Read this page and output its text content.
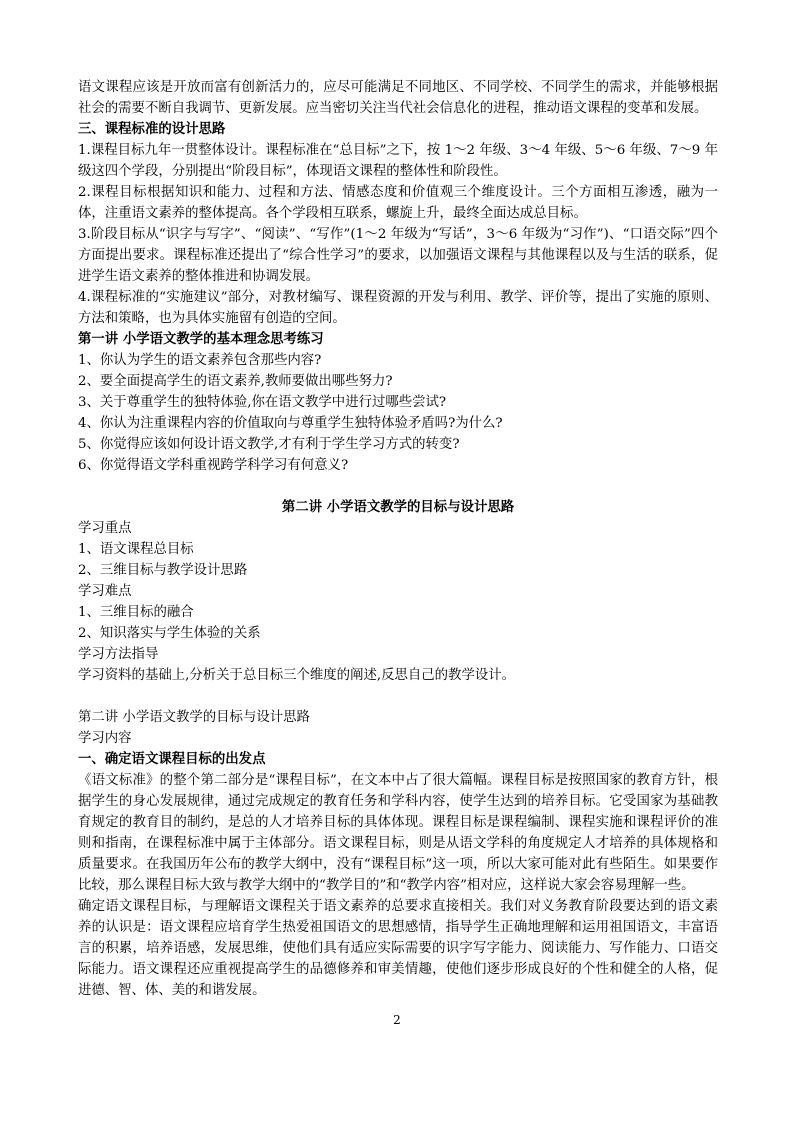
语文课程应该是开放而富有创新活力的，应尽可能满足不同地区、不同学校、不同学生的需求，并能够根据社会的需要不断自我调节、更新发展。应当密切关注当代社会信息化的进程，推动语文课程的变革和发展。

三、课程标准的设计思路

1.课程目标九年一贯整体设计。课程标准在“总目标”之下，按 1～2 年级、3～4 年级、5～6 年级、7～9 年级这四个学段，分别提出“阶段目标”，体现语文课程的整体性和阶段性。

2.课程目标根据知识和能力、过程和方法、情感态度和价值观三个维度设计。三个方面相互渗透，融为一体，注重语文素养的整体提高。各个学段相互联系，螺旋上升，最终全面达成总目标。

3.阶段目标从“识字与写字”、“阅读”、“写作”(1～2 年级为“写话”，3～6 年级为“习作”)、“口语交际”四个方面提出要求。课程标准还提出了“综合性学习”的要求，以加强语文课程与其他课程以及与生活的联系，促进学生语文素养的整体推进和协调发展。

4.课程标准的“实施建议”部分，对教材编写、课程资源的开发与利用、教学、评价等，提出了实施的原则、方法和策略，也为具体实施留有创造的空间。

第一讲 小学语文教学的基本理念思考练习

1、你认为学生的语文素养包含那些内容?

2、要全面提高学生的语文素养,教师要做出哪些努力?

3、关于尊重学生的独特体验,你在语文教学中进行过哪些尝试?

4、你认为注重课程内容的价值取向与尊重学生独特体验矛盾吗?为什么?

5、你觉得应该如何设计语文教学,才有利于学生学习方式的转变?

6、你觉得语文学科重视跨学科学习有何意义?

第二讲 小学语文教学的目标与设计思路

学习重点

1、语文课程总目标

2、三维目标与教学设计思路

学习难点

1、三维目标的融合

2、知识落实与学生体验的关系

学习方法指导

学习资料的基础上,分析关于总目标三个维度的阐述,反思自己的教学设计。

第二讲 小学语文教学的目标与设计思路

学习内容

一、确定语文课程目标的出发点

《语文标准》的整个第二部分是“课程目标”，在文本中占了很大篇幅。课程目标是按照国家的教育方针，根据学生的身心发展规律，通过完成规定的教育任务和学科内容，使学生达到的培养目标。它受国家为基础教育规定的教育目的制约，是总的人才培养目标的具体体现。课程目标是课程编制、课程实施和课程评价的准则和指南，在课程标准中属于主体部分。语文课程目标，则是从语文学科的角度规定人才培养的具体规格和质量要求。在我国历年公布的教学大纲中，没有“课程目标”这一项，所以大家可能对此有些陌生。如果要作比较，那么课程目标大致与教学大纲中的“教学目的”和“教学内容”相对应，这样说大家会容易理解一些。

确定语文课程目标，与理解语文课程关于语文素养的总要求直接相关。我们对义务教育阶段要达到的语文素养的认识是：语文课程应培育学生热爱祖国语文的思想感情，指导学生正确地理解和运用祖国语文，丰富语言的积累，培养语感，发展思维，使他们具有适应实际需要的识字写字能力、阅读能力、写作能力、口语交际能力。语文课程还应重视提高学生的品德修养和审美情趣，使他们逐步形成良好的个性和健全的人格，促进德、智、体、美的和谐发展。

2
